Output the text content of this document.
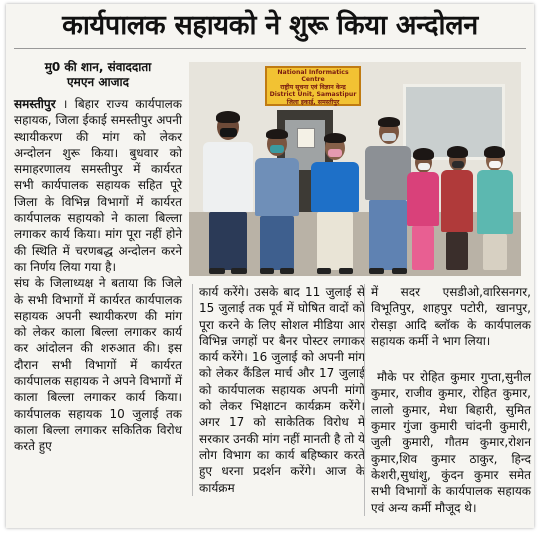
कार्यपालक सहायको ने शुरू किया अन्दोलन
मु0 की शान, संवाददाता
एमएन आजाद
National Informatics Centre
राष्ट्रीय सूचना एवं विज्ञान केन्द्र
District Unit, Samastipur
जिला इकाई, समस्तीपुर

समस्तीपुर । बिहार राज्य कार्यपालक सहायक, जिला ईकाई समस्तीपुर अपनी स्थायीकरण की मांग को लेकर अन्दोलन शुरू किया। बुधवार को समाहरणालय समस्तीपुर में कार्यरत सभी कार्यपालक सहायक सहित पूरे जिला के विभिन्न विभागों में कार्यरत कार्यपालक सहायको ने काला बिल्ला लगाकर कार्य किया। मांग पूरा नहीं होने की स्थिति में चरणबद्ध अन्दोलन करने का निर्णय लिया गया है।

संघ के जिलाध्यक्ष ने बताया कि जिले के सभी विभागों में कार्यरत कार्यपालक सहायक अपनी स्थायीकरण की मांग को लेकर काला बिल्ला लगाकर कार्य कर आंदोलन की शरुआत की। इस दौरान सभी विभागों में कार्यरत कार्यपालक सहायक ने अपने विभागों में काला बिल्ला लगाकर कार्य किया। कार्यपालक सहायक 10 जुलाई तक काला बिल्ला लगाकर सकितिक विरोध करते हुए

कार्य करेंगे। उसके बाद 11 जुलाई से 15 जुलाई तक पूर्व में घोषित वादों को पूरा करने के लिए सोशल मीडिया आर विभिन्न जगहों पर बैनर पोस्टर लगाकर कार्य करेंगे। 16 जुलाई को अपनी मांग को लेकर कैंडिल मार्च और 17 जुलाई को कार्यपालक सहायक अपनी मांगों को लेकर भिक्षाटन कार्यक्रम करेंगे। अगर 17 को साकेतिक विरोध में सरकार उनकी मांग नहीं मानती है तो ये लोग विभाग का कार्य बहिष्कार करते हुए धरना प्रदर्शन करेंगे। आज के कार्यक्रम

में सदर एसडीओ,वारिसनगर, विभूतिपुर, शाहपुर पटोरी, खानपुर, रोसड़ा आदि ब्लॉक के कार्यपालक सहायक कर्मी ने भाग लिया।

मौके पर रोहित कुमार गुप्ता,सुनील कुमार, राजीव कुमार, रोहित कुमार, लालो कुमार, मेधा बिहारी, सुमित कुमार गुंजा कुमारी चांदनी कुमारी, जुली कुमारी, गौतम कुमार,रोशन कुमार,शिव कुमार ठाकुर, हिन्द केशरी,सुधांशु, कुंदन कुमार समेत सभी विभागों के कार्यपालक सहायक एवं अन्य कर्मी मौजूद थे।
